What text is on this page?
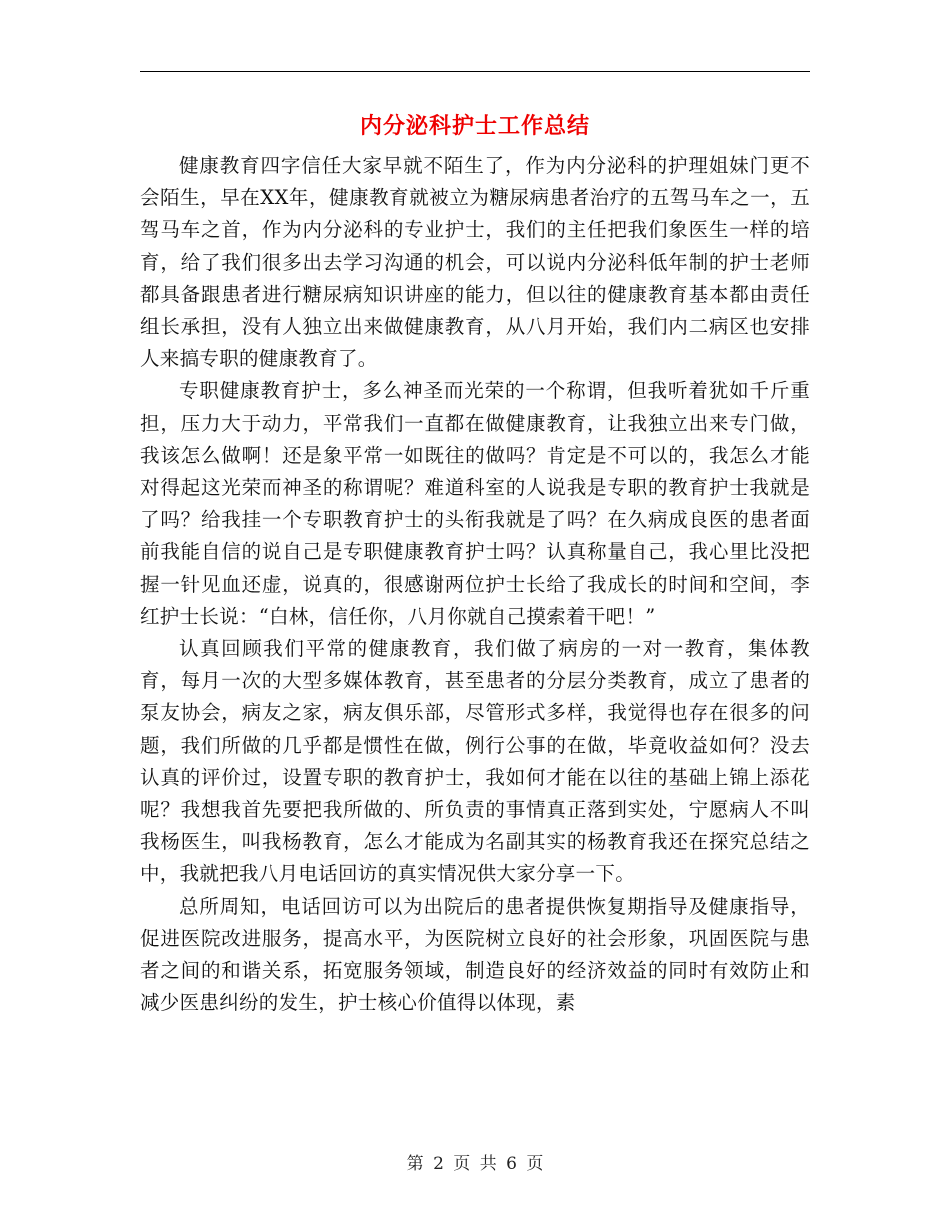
内分泌科护士工作总结

健康教育四字信任大家早就不陌生了，作为内分泌科的护理姐妹门更不会陌生，早在XX年，健康教育就被立为糖尿病患者治疗的五驾马车之一，五驾马车之首，作为内分泌科的专业护士，我们的主任把我们象医生一样的培育，给了我们很多出去学习沟通的机会，可以说内分泌科低年制的护士老师都具备跟患者进行糖尿病知识讲座的能力，但以往的健康教育基本都由责任组长承担，没有人独立出来做健康教育，从八月开始，我们内二病区也安排人来搞专职的健康教育了。

专职健康教育护士，多么神圣而光荣的一个称谓，但我听着犹如千斤重担，压力大于动力，平常我们一直都在做健康教育，让我独立出来专门做，我该怎么做啊！还是象平常一如既往的做吗？肯定是不可以的，我怎么才能对得起这光荣而神圣的称谓呢？难道科室的人说我是专职的教育护士我就是了吗？给我挂一个专职教育护士的头衔我就是了吗？在久病成良医的患者面前我能自信的说自己是专职健康教育护士吗？认真称量自己，我心里比没把握一针见血还虚，说真的，很感谢两位护士长给了我成长的时间和空间，李红护士长说：“白林，信任你，八月你就自己摸索着干吧！”

认真回顾我们平常的健康教育，我们做了病房的一对一教育，集体教育，每月一次的大型多媒体教育，甚至患者的分层分类教育，成立了患者的泵友协会，病友之家，病友俱乐部，尽管形式多样，我觉得也存在很多的问题，我们所做的几乎都是惯性在做，例行公事的在做，毕竟收益如何？没去认真的评价过，设置专职的教育护士，我如何才能在以往的基础上锦上添花呢？我想我首先要把我所做的、所负责的事情真正落到实处，宁愿病人不叫我杨医生，叫我杨教育，怎么才能成为名副其实的杨教育我还在探究总结之中，我就把我八月电话回访的真实情况供大家分享一下。

总所周知，电话回访可以为出院后的患者提供恢复期指导及健康指导，促进医院改进服务，提高水平，为医院树立良好的社会形象，巩固医院与患者之间的和谐关系，拓宽服务领域，制造良好的经济效益的同时有效防止和减少医患纠纷的发生，护士核心价值得以体现，素

第 2 页 共 6 页
